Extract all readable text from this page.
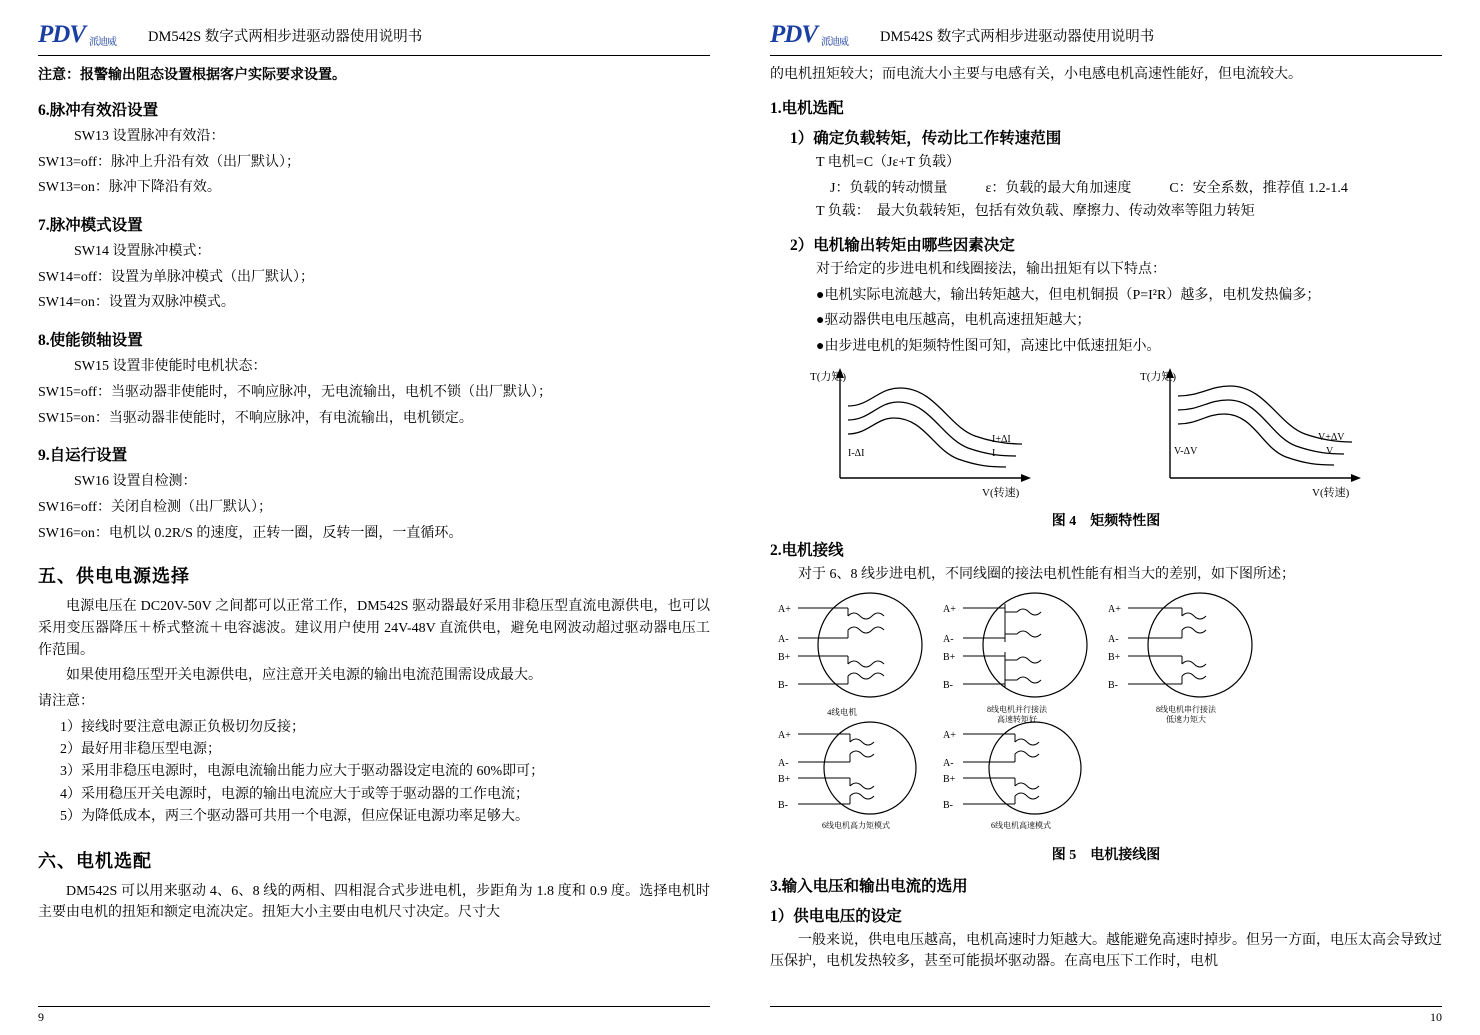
PDV 派迪威 DM542S 数字式两相步进驱动器使用说明书
注意：报警输出阻态设置根据客户实际要求设置。
6.脉冲有效沿设置

SW13 设置脉冲有效沿：

SW13=off：脉冲上升沿有效（出厂默认）；

SW13=on：脉冲下降沿有效。

7.脉冲模式设置

SW14 设置脉冲模式：

SW14=off：设置为单脉冲模式（出厂默认）；

SW14=on：设置为双脉冲模式。

8.使能锁轴设置

SW15 设置非使能时电机状态：

SW15=off：当驱动器非使能时，不响应脉冲，无电流输出，电机不锁（出厂默认）；

SW15=on：当驱动器非使能时，不响应脉冲，有电流输出，电机锁定。

9.自运行设置

SW16 设置自检测：

SW16=off：关闭自检测（出厂默认）；

SW16=on：电机以 0.2R/S 的速度，正转一圈，反转一圈，一直循环。

五、供电电源选择

电源电压在 DC20V-50V 之间都可以正常工作，DM542S 驱动器最好采用非稳压型直流电源供电，也可以采用变压器降压＋桥式整流＋电容滤波。建议用户使用 24V-48V 直流供电，避免电网波动超过驱动器电压工作范围。

如果使用稳压型开关电源供电，应注意开关电源的输出电流范围需设成最大。

请注意：

1）接线时要注意电源正负极切勿反接；
2）最好用非稳压型电源；
3）采用非稳压电源时，电源电流输出能力应大于驱动器设定电流的 60%即可；
4）采用稳压开关电源时，电源的输出电流应大于或等于驱动器的工作电流；
5）为降低成本，两三个驱动器可共用一个电源，但应保证电源功率足够大。
六、电机选配

DM542S 可以用来驱动 4、6、8 线的两相、四相混合式步进电机，步距角为 1.8 度和 0.9 度。选择电机时主要由电机的扭矩和额定电流决定。扭矩大小主要由电机尺寸决定。尺寸大

9
PDV 派迪威 DM542S 数字式两相步进驱动器使用说明书

的电机扭矩较大；而电流大小主要与电感有关，小电感电机高速性能好，但电流较大。

1.电机选配
1）确定负载转矩，传动比工作转速范围

T 电机=C（Jε+T 负载）

J：负载的转动惯量	ε：负载的最大角加速度	C：安全系数，推荐值 1.2-1.4

T 负载：　最大负载转矩，包括有效负载、摩擦力、传动效率等阻力转矩

2）电机输出转矩由哪些因素决定

对于给定的步进电机和线圈接法，输出扭矩有以下特点：

●电机实际电流越大，输出转矩越大，但电机铜损（P=I²R）越多，电机发热偏多；

●驱动器供电电压越高，电机高速扭矩越大；

●由步进电机的矩频特性图可知，高速比中低速扭矩小。

T(力矩)
V(转速)
I+ΔI
I
I-ΔI
T(力矩)
V(转速)
V+ΔV
V
V-ΔV
图 4　矩频特性图
2.电机接线

对于 6、8 线步进电机，不同线圈的接法电机性能有相当大的差别，如下图所述；

A+
A-
B+
B-
4线电机
A+
A-
B+
B-
8线电机并行接法
高速转矩好
A+
A-
B+
B-
8线电机串行接法
低速力矩大
A+
A-
B+
B-
6线电机高力矩模式
A+
A-
B+
B-
6线电机高速模式
图 5　电机接线图
3.输入电压和输出电流的选用
1）供电电压的设定

一般来说，供电电压越高，电机高速时力矩越大。越能避免高速时掉步。但另一方面，电压太高会导致过压保护，电机发热较多，甚至可能损坏驱动器。在高电压下工作时，电机

10
